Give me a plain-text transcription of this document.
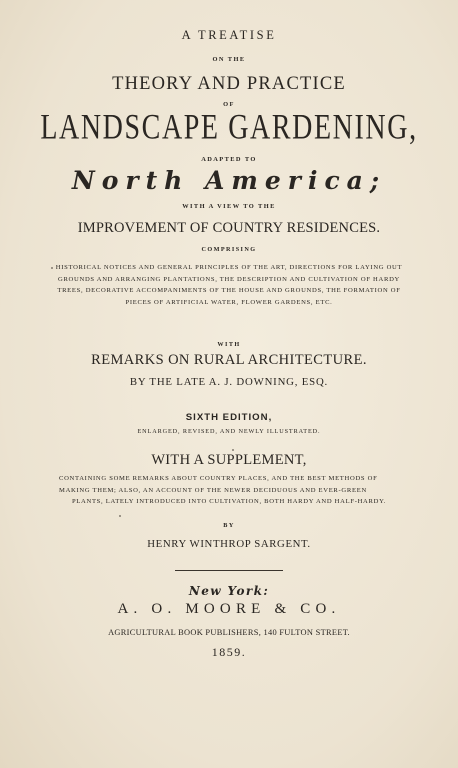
A TREATISE
ON THE
THEORY AND PRACTICE
OF
LANDSCAPE GARDENING,
ADAPTED TO
North America;
WITH A VIEW TO THE
IMPROVEMENT OF COUNTRY RESIDENCES.
COMPRISING
HISTORICAL NOTICES AND GENERAL PRINCIPLES OF THE ART, DIRECTIONS FOR LAYING OUT GROUNDS AND ARRANGING PLANTATIONS, THE DESCRIPTION AND CULTIVATION OF HARDY TREES, DECORATIVE ACCOMPANIMENTS OF THE HOUSE AND GROUNDS, THE FORMATION OF PIECES OF ARTIFICIAL WATER, FLOWER GARDENS, ETC.
WITH
REMARKS ON RURAL ARCHITECTURE.
BY THE LATE A. J. DOWNING, ESQ.
SIXTH EDITION,
ENLARGED, REVISED, AND NEWLY ILLUSTRATED.
WITH A SUPPLEMENT,
CONTAINING SOME REMARKS ABOUT COUNTRY PLACES, AND THE BEST METHODS OF MAKING THEM; ALSO, AN ACCOUNT OF THE NEWER DECIDUOUS AND EVER-GREEN PLANTS, LATELY INTRODUCED INTO CULTIVATION, BOTH HARDY AND HALF-HARDY.
BY
HENRY WINTHROP SARGENT.
New York:
A. O. MOORE & CO.
AGRICULTURAL BOOK PUBLISHERS, 140 FULTON STREET.
1859.
